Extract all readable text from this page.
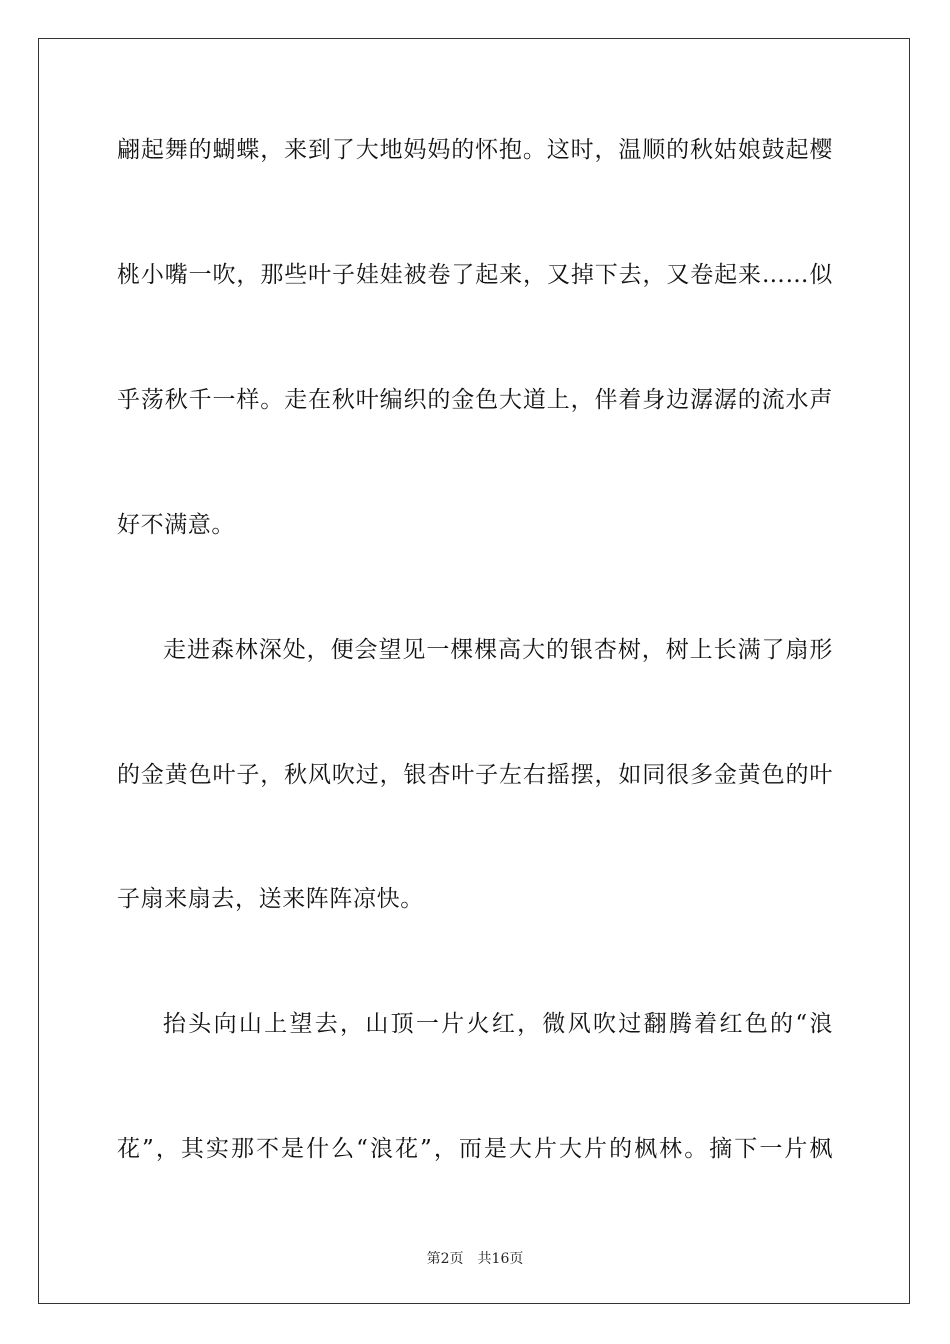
翩起舞的蝴蝶，来到了大地妈妈的怀抱。这时，温顺的秋姑娘鼓起樱
桃小嘴一吹，那些叶子娃娃被卷了起来，又掉下去，又卷起来……似
乎荡秋千一样。走在秋叶编织的金色大道上，伴着身边潺潺的流水声
好不满意。
走进森林深处，便会望见一棵棵高大的银杏树，树上长满了扇形
的金黄色叶子，秋风吹过，银杏叶子左右摇摆，如同很多金黄色的叶
子扇来扇去，送来阵阵凉快。
抬头向山上望去，山顶一片火红，微风吹过翻腾着红色的“浪
花”，其实那不是什么“浪花”，而是大片大片的枫林。摘下一片枫
第2页 共16页
